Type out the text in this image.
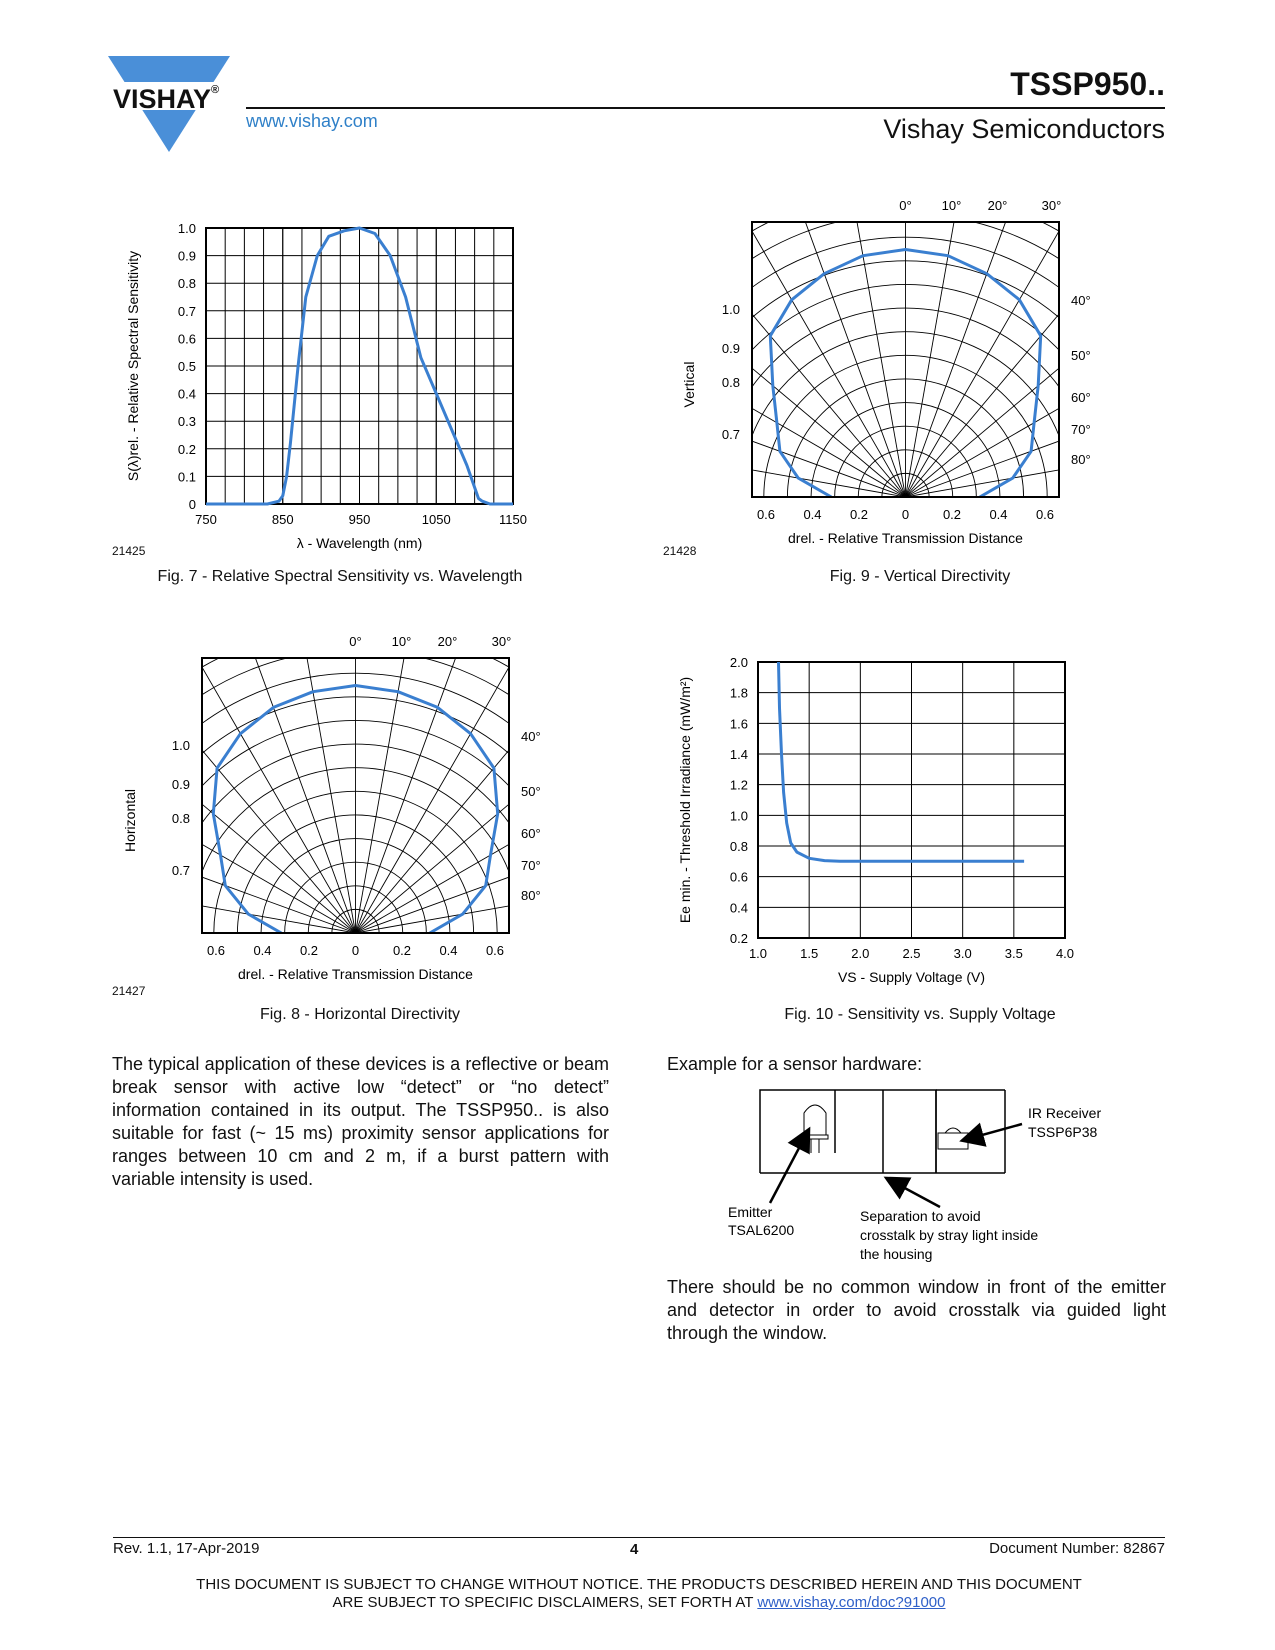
VISHAY®
www.vishay.com
TSSP950..
Vishay Semiconductors
750	850	950	1050	1150
0
0.1
0.2
0.3
0.4
0.5
0.6
0.7
0.8
0.9
1.0
λ - Wavelength (nm)
S(λ)rel. - Relative Spectral Sensitivity
21425
Fig. 7 - Relative Spectral Sensitivity vs. Wavelength
0° 10° 20°	30°
40°
50°
60°
70°
80°
1.0
0.9
0.8
0.7
0.6 0.4 0.2	0	0.2 0.4 0.6
Vertical
drel. - Relative Transmission Distance
21428
Fig. 9 - Vertical Directivity
0° 10° 20°	30°
40°
50°
60°
70°
80°
1.0
0.9
0.8
0.7
0.6 0.4 0.2	0	0.2 0.4 0.6
Horizontal
drel. - Relative Transmission Distance
21427
Fig. 8 - Horizontal Directivity
1.0	1.5	2.0	2.5	3.0	3.5	4.0
0.2
0.4
0.6
0.8
1.0
1.2
1.4
1.6
1.8
2.0
VS - Supply Voltage (V)
Ee min. - Threshold Irradiance (mW/m²)
Fig. 10 - Sensitivity vs. Supply Voltage
The typical application of these devices is a reflective or beam break sensor with active low “detect” or “no detect” information contained in its output. The TSSP950.. is also suitable for fast (~ 15 ms) proximity sensor applications for ranges between 10 cm and 2 m, if a burst pattern with variable intensity is used.
Example for a sensor hardware:
IR Receiver
TSSP6P38
Emitter
TSAL6200
Separation to avoid
crosstalk by stray light inside
the housing
There should be no common window in front of the emitter and detector in order to avoid crosstalk via guided light through the window.
Rev. 1.1, 17-Apr-2019	4	Document Number: 82867
THIS DOCUMENT IS SUBJECT TO CHANGE WITHOUT NOTICE. THE PRODUCTS DESCRIBED HEREIN AND THIS DOCUMENT
ARE SUBJECT TO SPECIFIC DISCLAIMERS, SET FORTH AT www.vishay.com/doc?91000
